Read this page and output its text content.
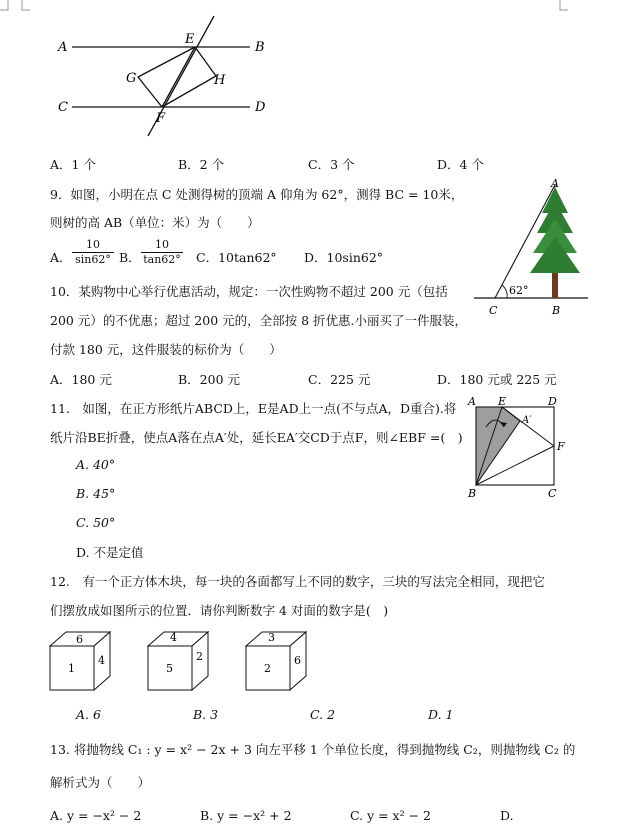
A	B
C	D
E
F
G	H
A．1 个	B．2 个	C．3 个	D．4 个
9．如图，小明在点 C 处测得树的顶端 A 仰角为 62°，测得 BC = 10米，
则树的高 AB（单位：米）为（　　）
A． $\frac{10}{\sin 62^\circ}$ B． $\frac{10}{\tan 62^\circ}$ C．10tan62° D．10sin62°
A
B
C
62°
10．某购物中心举行优惠活动，规定：一次性购物不超过 200 元（包括
200 元）的不优惠；超过 200 元的，全部按 8 折优惠.小丽买了一件服装，
付款 180 元，这件服装的标价为（　　）
A．180 元	B．200 元	C．225 元	D．180 元或 225 元
11.　如图，在正方形纸片ABCD上，E是AD上一点(不与点A，D重合).将
纸片沿BE折叠，使点A落在点A′处，延长EA′交CD于点F，则∠EBF =(　)
A. 40°
B. 45°
C. 50°
D. 不是定值
A E	D
A′
F
B	C
12.　有一个正方体木块，每一块的各面都写上不同的数字，三块的写法完全相同，现把它
们摆放成如图所示的位置．请你判断数字 4 对面的数字是(　)
6
1
4
4
5
2
3
2
6
A. 6	B. 3	C. 2	D. 1
13. 将抛物线 C₁ : y = x² − 2x + 3 向左平移 1 个单位长度，得到抛物线 C₂，则抛物线 C₂ 的
解析式为（　　）
A. y = −x² − 2	B. y = −x² + 2	C. y = x² − 2	D.
